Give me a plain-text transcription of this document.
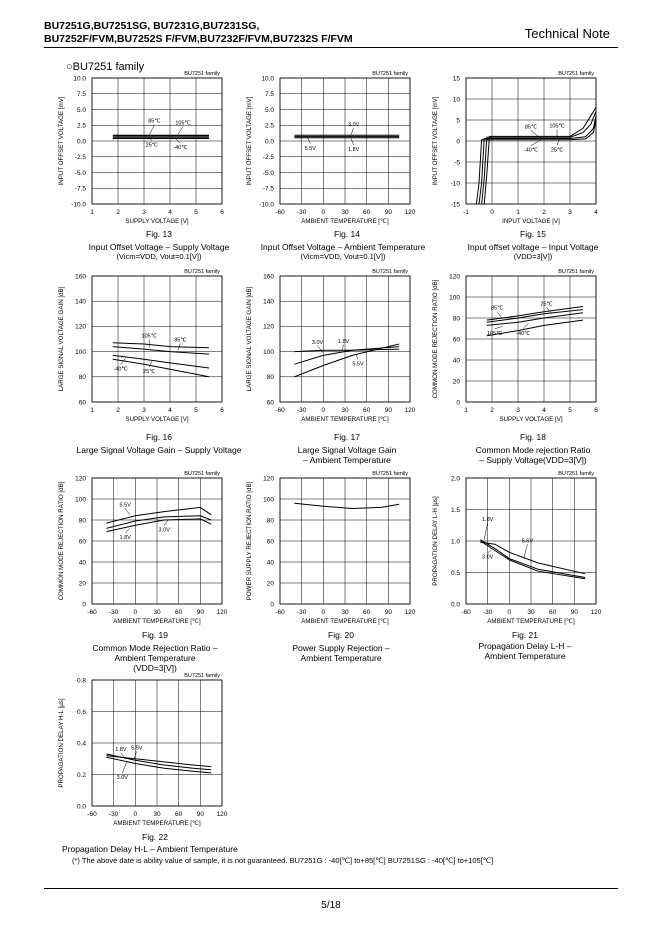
BU7251G,BU7251SG, BU7231G,BU7231SG,
BU7252F/FVM,BU7252S F/FVM,BU7232F/FVM,BU7232S F/FVM	Technical Note
○BU7251 family
1	2	3	4	5	6
-10.0
-7.5
-5.0
-2.5
0.0
2.5
5.0
7.5
10.0
BU7251 family
SUPPLY VOLTAGE [V]
INPUT OFFSET VOLTAGE [mV]	85℃	105℃
25℃	-40℃
-60 -30 0 30 60 90 120
-10.0
-7.5
-5.0
-2.5
0.0
2.5
5.0
7.5
10.0
BU7251 family
AMBIENT TEMPERATURE [℃]
INPUT OFFSET VOLTAGE [mV]	3.0V
5.5V	1.8V
-1	0	1	2	3	4
-15
-10
-5
0
5
10
15
BU7251 family
INPUT VOLTAGE [V]
INPUT OFFSET VOLTAGE [mV]	85℃ 105℃
-40℃ 25℃
Fig. 13	Fig. 14	Fig. 15
Input Offset Voltage – Supply Voltage
(Vicm=VDD, Vout=0.1[V])
Input Offset Voltage – Ambient Temperature
(Vicm=VDD, Vout=0.1[V])
Input offset voltage – Input Voltage
(VDD=3[V])
1	2	3	4	5	6
60
80
100
120
140
160
BU7251 family
SUPPLY VOLTAGE [V]
LARGE SIGNAL VOLTAGE GAIN [dB]	105℃
85℃
-40℃	25℃
-60 -30 0 30 60 90 120
60
80
100
120
140
160
BU7251 family
AMBIENT TEMPERATURE [℃]
LARGE SIGNAL VOLTAGE GAIN [dB]	3.0V	1.8V
5.5V
1	2	3	4	5	6
0
20
40
60
80
100
120
BU7251 family
SUPPLY VOLTAGE [V]
COMMON MODE REJECTION RATIO [dB]	85℃
25℃
105℃	-40℃
Fig. 16	Fig. 17	Fig. 18
Large Signal Voltage Gain – Supply Voltage	Large Signal Voltage Gain
– Ambient Temperature
Common Mode rejection Ratio
– Supply Voltage(VDD=3[V])
-60 -30 0 30 60 90 120
0
20
40
60
80
100
120
BU7251 family
AMBIENT TEMPERATURE [℃]
COMMON MODE REJECTION RATIO [dB]	5.5V
3.0V
1.8V
-60 -30 0 30 60 90 120
0
20
40
60
80
100
120
BU7251 family
AMBIENT TEMPERATURE [℃]
POWER SUPPLY REJECTION RATIO [dB]
-60 -30 0 30 60 90 120
0.0
0.5
1.0
1.5
2.0
BU7251 family
AMBIENT TEMPERATURE [℃]
PROPAGATION DELAY L-H [μs]	1.8V
5.5V
3.0V
Fig. 19	Fig. 20	Fig. 21
Common Mode Rejection Ratio –
Ambient Temperature
(VDD=3[V])
Power Supply Rejection –
Ambient Temperature
Propagation Delay L-H –
Ambient Temperature
-60 -30 0 30 60 90 120
0.0
0.2
0.4
0.6
0.8
BU7251 family
AMBIENT TEMPERATURE [℃]
PROPAGATION DELAY H-L [μs]	1.8V 5.5V
3.0V
Fig. 22
Propagation Delay H-L – Ambient Temperature
(*) The above date is ability value of sample, it is not guaranteed. BU7251G : -40[℃] to+85[℃] BU7251SG : -40[℃] to+105[℃]
5/18
